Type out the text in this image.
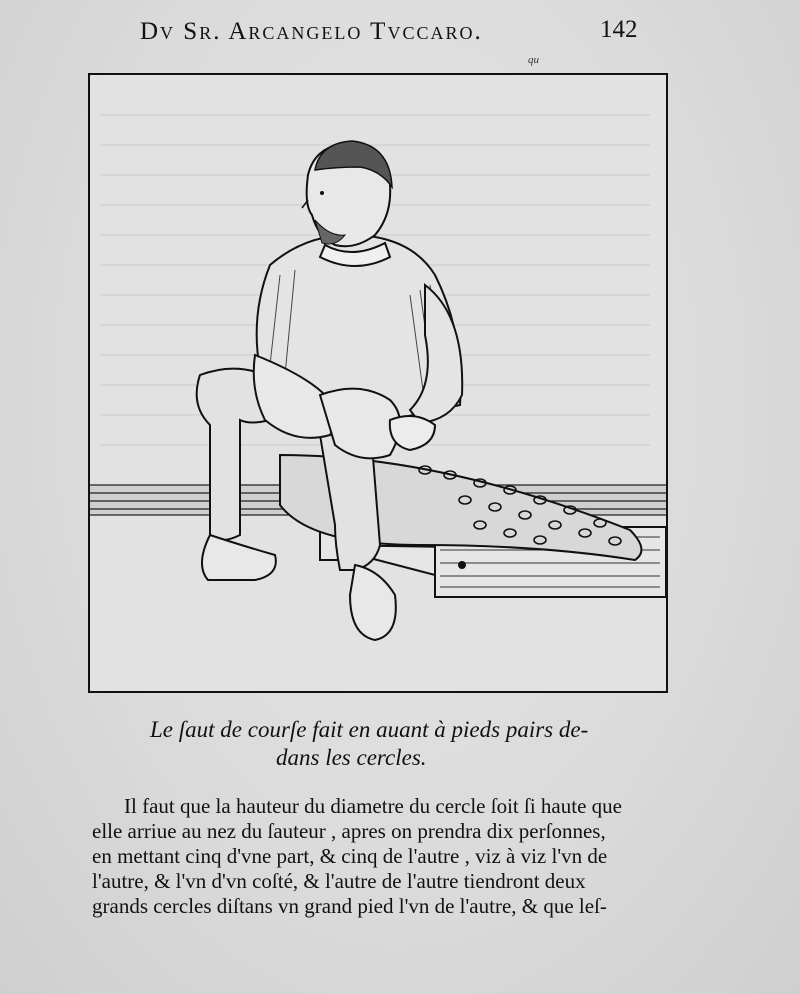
Dv Sr. Arcangelo Tvccaro.	142
qu
Le ſaut de courſe fait en auant à pieds pairs de-

dans les cercles.
Il faut que la hauteur du diametre du cercle ſoit ſi haute que
elle arriue au nez du ſauteur , apres on prendra dix perſonnes,
en mettant cinq d'vne part, & cinq de l'autre , viz à viz l'vn de
l'autre, & l'vn d'vn coſté, & l'autre de l'autre tiendront deux
grands cercles diſtans vn grand pied l'vn de l'autre, & que leſ-
